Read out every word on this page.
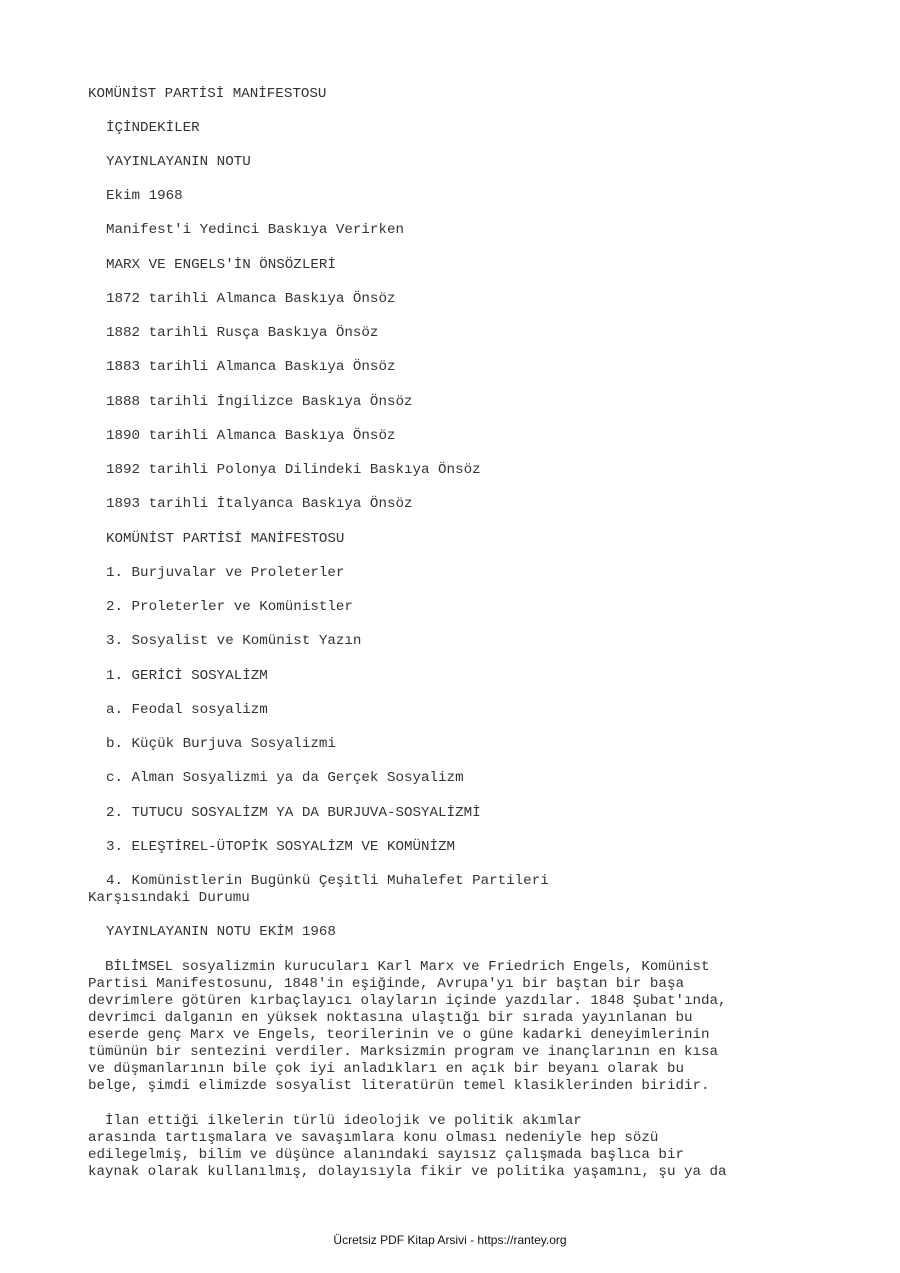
KOMÜNİST PARTİSİ MANİFESTOSU
İÇİNDEKİLER
YAYINLAYANIN NOTU
Ekim 1968
Manifest'i Yedinci Baskıya Verirken
MARX VE ENGELS'İN ÖNSÖZLERİ
1872 tarihli Almanca Baskıya Önsöz
1882 tarihli Rusça Baskıya Önsöz
1883 tarihli Almanca Baskıya Önsöz
1888 tarihli İngilizce Baskıya Önsöz
1890 tarihli Almanca Baskıya Önsöz
1892 tarihli Polonya Dilindeki Baskıya Önsöz
1893 tarihli İtalyanca Baskıya Önsöz
KOMÜNİST PARTİSİ MANİFESTOSU
1. Burjuvalar ve Proleterler
2. Proleterler ve Komünistler
3. Sosyalist ve Komünist Yazın
1. GERİCİ SOSYALİZM
a. Feodal sosyalizm
b. Küçük Burjuva Sosyalizmi
c. Alman Sosyalizmi ya da Gerçek Sosyalizm
2. TUTUCU SOSYALİZM YA DA BURJUVA-SOSYALİZMİ
3. ELEŞTİREL-ÜTOPİK SOSYALİZM VE KOMÜNİZM
4. Komünistlerin Bugünkü Çeşitli Muhalefet Partileri
Karşısındaki Durumu
YAYINLAYANIN NOTU EKİM 1968
BİLİMSEL sosyalizmin kurucuları Karl Marx ve Friedrich Engels, Komünist
Partisi Manifestosunu, 1848'in eşiğinde, Avrupa'yı bir baştan bir başa
devrimlere götüren kırbaçlayıcı olayların içinde yazdılar. 1848 Şubat'ında,
devrimci dalganın en yüksek noktasına ulaştığı bir sırada yayınlanan bu
eserde genç Marx ve Engels, teorilerinin ve o güne kadarki deneyimlerinin
tümünün bir sentezini verdiler. Marksizmin program ve inançlarının en kısa
ve düşmanlarının bile çok iyi anladıkları en açık bir beyanı olarak bu
belge, şimdi elimizde sosyalist literatürün temel klasiklerinden biridir.
İlan ettiği ilkelerin türlü ideolojik ve politik akımlar
arasında tartışmalara ve savaşımlara konu olması nedeniyle hep sözü
edilegelmiş, bilim ve düşünce alanındaki sayısız çalışmada başlıca bir
kaynak olarak kullanılmış, dolayısıyla fikir ve politika yaşamını, şu ya da
Ücretsiz PDF Kitap Arsivi - https://rantey.org
